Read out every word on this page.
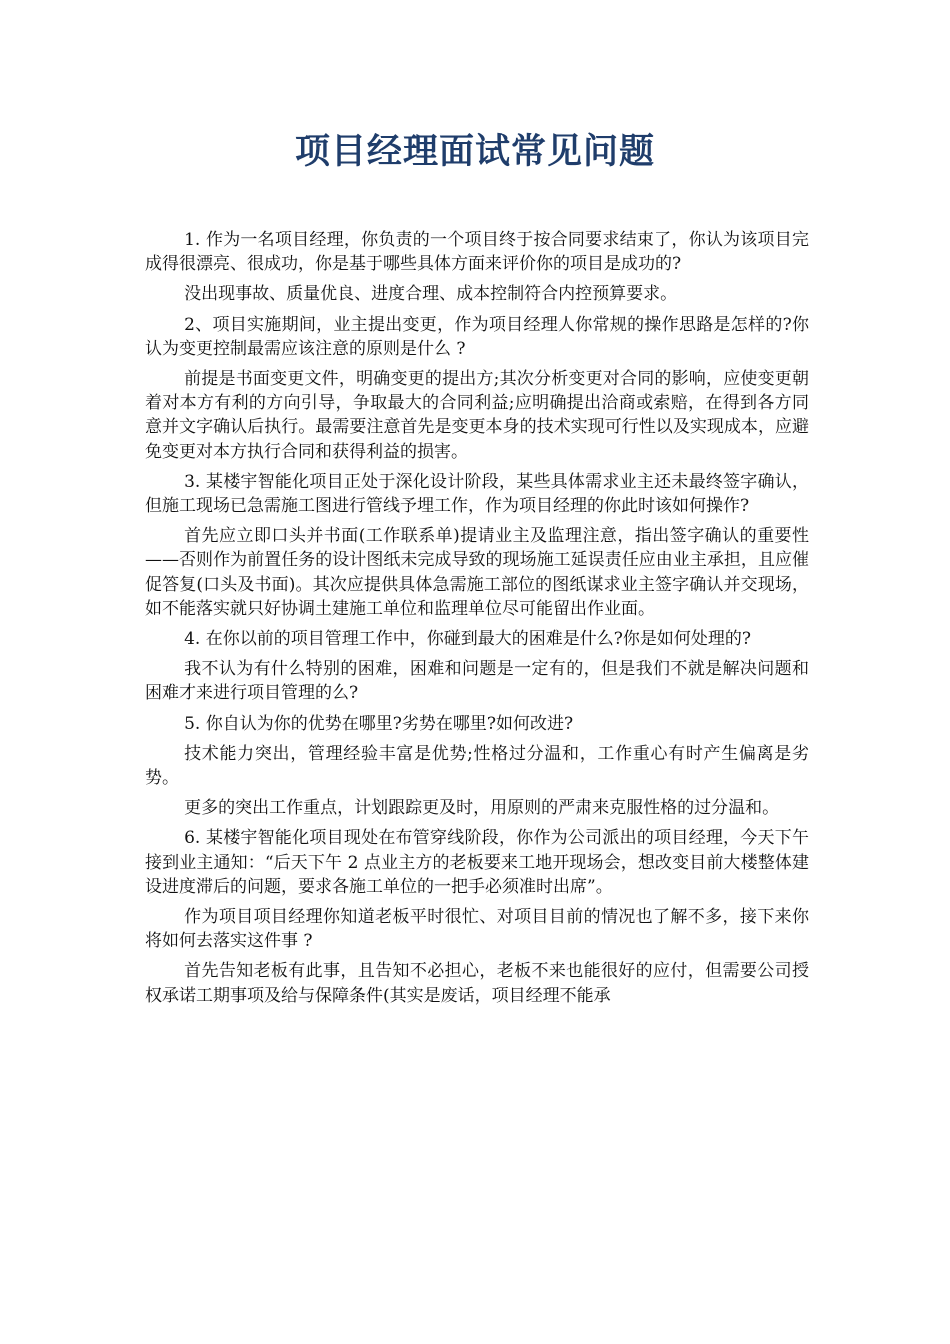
项目经理面试常见问题

1. 作为一名项目经理，你负责的一个项目终于按合同要求结束了，你认为该项目完成得很漂亮、很成功，你是基于哪些具体方面来评价你的项目是成功的?

没出现事故、质量优良、进度合理、成本控制符合内控预算要求。

2、项目实施期间，业主提出变更，作为项目经理人你常规的操作思路是怎样的?你认为变更控制最需应该注意的原则是什么 ?

前提是书面变更文件，明确变更的提出方;其次分析变更对合同的影响，应使变更朝着对本方有利的方向引导，争取最大的合同利益;应明确提出洽商或索赔，在得到各方同意并文字确认后执行。最需要注意首先是变更本身的技术实现可行性以及实现成本，应避免变更对本方执行合同和获得利益的损害。

3. 某楼宇智能化项目正处于深化设计阶段，某些具体需求业主还未最终签字确认，但施工现场已急需施工图进行管线予埋工作，作为项目经理的你此时该如何操作?

首先应立即口头并书面(工作联系单)提请业主及监理注意，指出签字确认的重要性——否则作为前置任务的设计图纸未完成导致的现场施工延误责任应由业主承担，且应催促答复(口头及书面)。其次应提供具体急需施工部位的图纸谋求业主签字确认并交现场，如不能落实就只好协调土建施工单位和监理单位尽可能留出作业面。

4. 在你以前的项目管理工作中，你碰到最大的困难是什么?你是如何处理的?

我不认为有什么特别的困难，困难和问题是一定有的，但是我们不就是解决问题和困难才来进行项目管理的么?

5. 你自认为你的优势在哪里?劣势在哪里?如何改进?

技术能力突出，管理经验丰富是优势;性格过分温和，工作重心有时产生偏离是劣势。

更多的突出工作重点，计划跟踪更及时，用原则的严肃来克服性格的过分温和。

6. 某楼宇智能化项目现处在布管穿线阶段，你作为公司派出的项目经理，今天下午接到业主通知：“后天下午 2 点业主方的老板要来工地开现场会，想改变目前大楼整体建设进度滞后的问题，要求各施工单位的一把手必须准时出席”。

作为项目项目经理你知道老板平时很忙、对项目目前的情况也了解不多，接下来你将如何去落实这件事 ?

首先告知老板有此事，且告知不必担心，老板不来也能很好的应付，但需要公司授权承诺工期事项及给与保障条件(其实是废话，项目经理不能承
